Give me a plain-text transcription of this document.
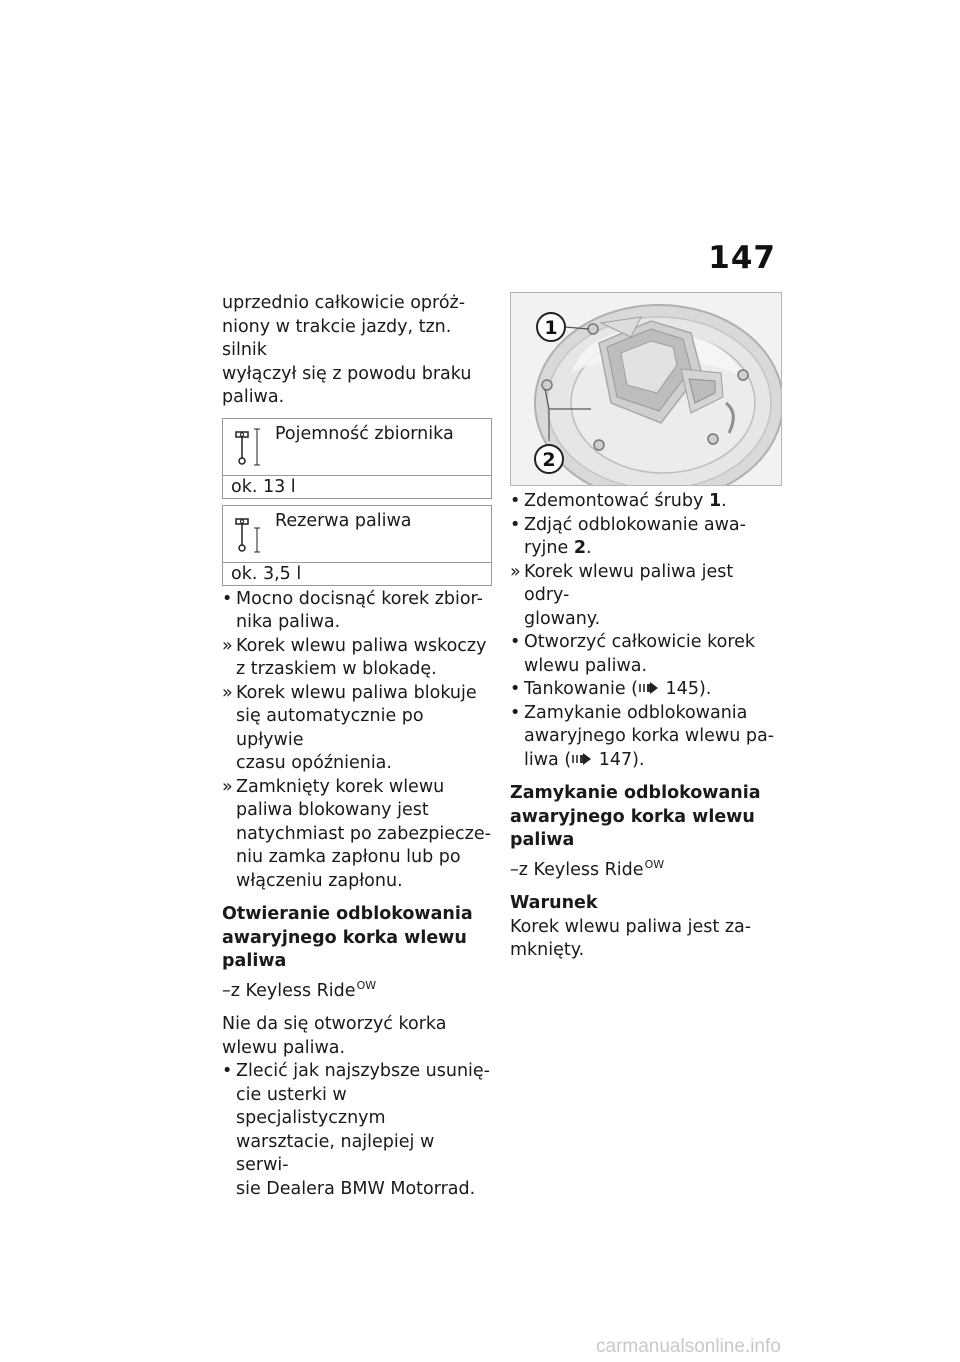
147

uprzednio całkowicie opróż-

niony w trakcie jazdy, tzn. silnik

wyłączył się z powodu braku

paliwa.

Pojemność zbiornika
ok. 13 l
Rezerwa paliwa
ok. 3,5 l
• Mocno docisnąć korek zbior-
nika paliwa.
» Korek wlewu paliwa wskoczy
z trzaskiem w blokadę.
» Korek wlewu paliwa blokuje
się automatycznie po upływie
czasu opóźnienia.
» Zamknięty korek wlewu
paliwa blokowany jest
natychmiast po zabezpiecze-
niu zamka zapłonu lub po
włączeniu zapłonu.
Otwieranie odblokowania
awaryjnego korka wlewu
paliwa

–z Keyless Ride$^{OW}$

Nie da się otworzyć korka

wlewu paliwa.

• Zlecić jak najszybsze usunię-
cie usterki w specjalistycznym
warsztacie, najlepiej w serwi-
sie Dealera BMW Motorrad.
1
2
• Zdemontować śruby 1.
• Zdjąć odblokowanie awa-
ryjne 2.
» Korek wlewu paliwa jest odry-
glowany.
• Otworzyć całkowicie korek
wlewu paliwa.
• Tankowanie ( 145).
• Zamykanie odblokowania
awaryjnego korka wlewu pa-
liwa ( 147).
Zamykanie odblokowania
awaryjnego korka wlewu
paliwa

–z Keyless Ride$^{OW}$

Warunek

Korek wlewu paliwa jest za-

mknięty.

carmanualsonline.info
